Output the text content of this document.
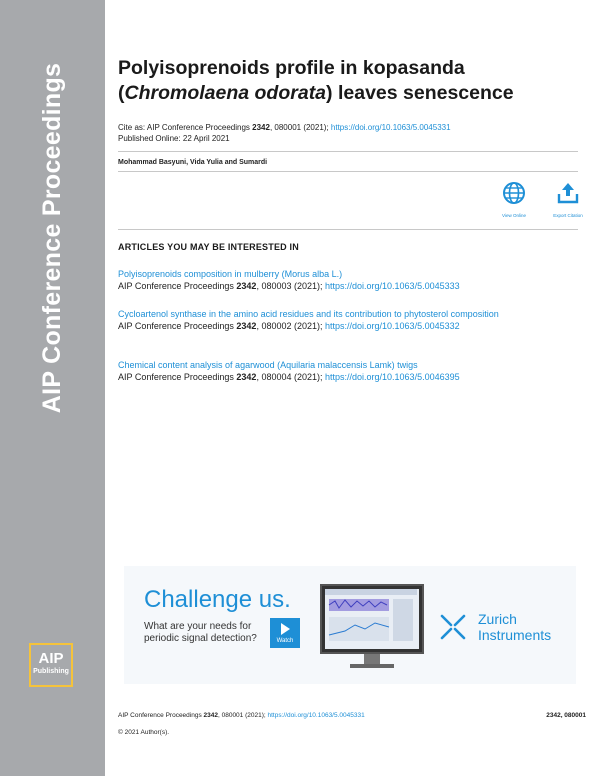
AIP Conference Proceedings
AIP
Publishing
Polyisoprenoids profile in kopasanda
(Chromolaena odorata) leaves senescence
Cite as: AIP Conference Proceedings 2342, 080001 (2021); https://doi.org/10.1063/5.0045331
Published Online: 22 April 2021
Mohammad Basyuni, Vida Yulia and Sumardi
View Online	Export Citation
ARTICLES YOU MAY BE INTERESTED IN
Polyisoprenoids composition in mulberry (Morus alba L.)
AIP Conference Proceedings 2342, 080003 (2021); https://doi.org/10.1063/5.0045333
Cycloartenol synthase in the amino acid residues and its contribution to phytosterol composition
AIP Conference Proceedings 2342, 080002 (2021); https://doi.org/10.1063/5.0045332
Chemical content analysis of agarwood (Aquilaria malaccensis Lamk) twigs
AIP Conference Proceedings 2342, 080004 (2021); https://doi.org/10.1063/5.0046395
Challenge us.
What are your needs for
periodic signal detection?	Watch
Zurich
Instruments
AIP Conference Proceedings 2342, 080001 (2021); https://doi.org/10.1063/5.0045331	2342, 080001
© 2021 Author(s).
